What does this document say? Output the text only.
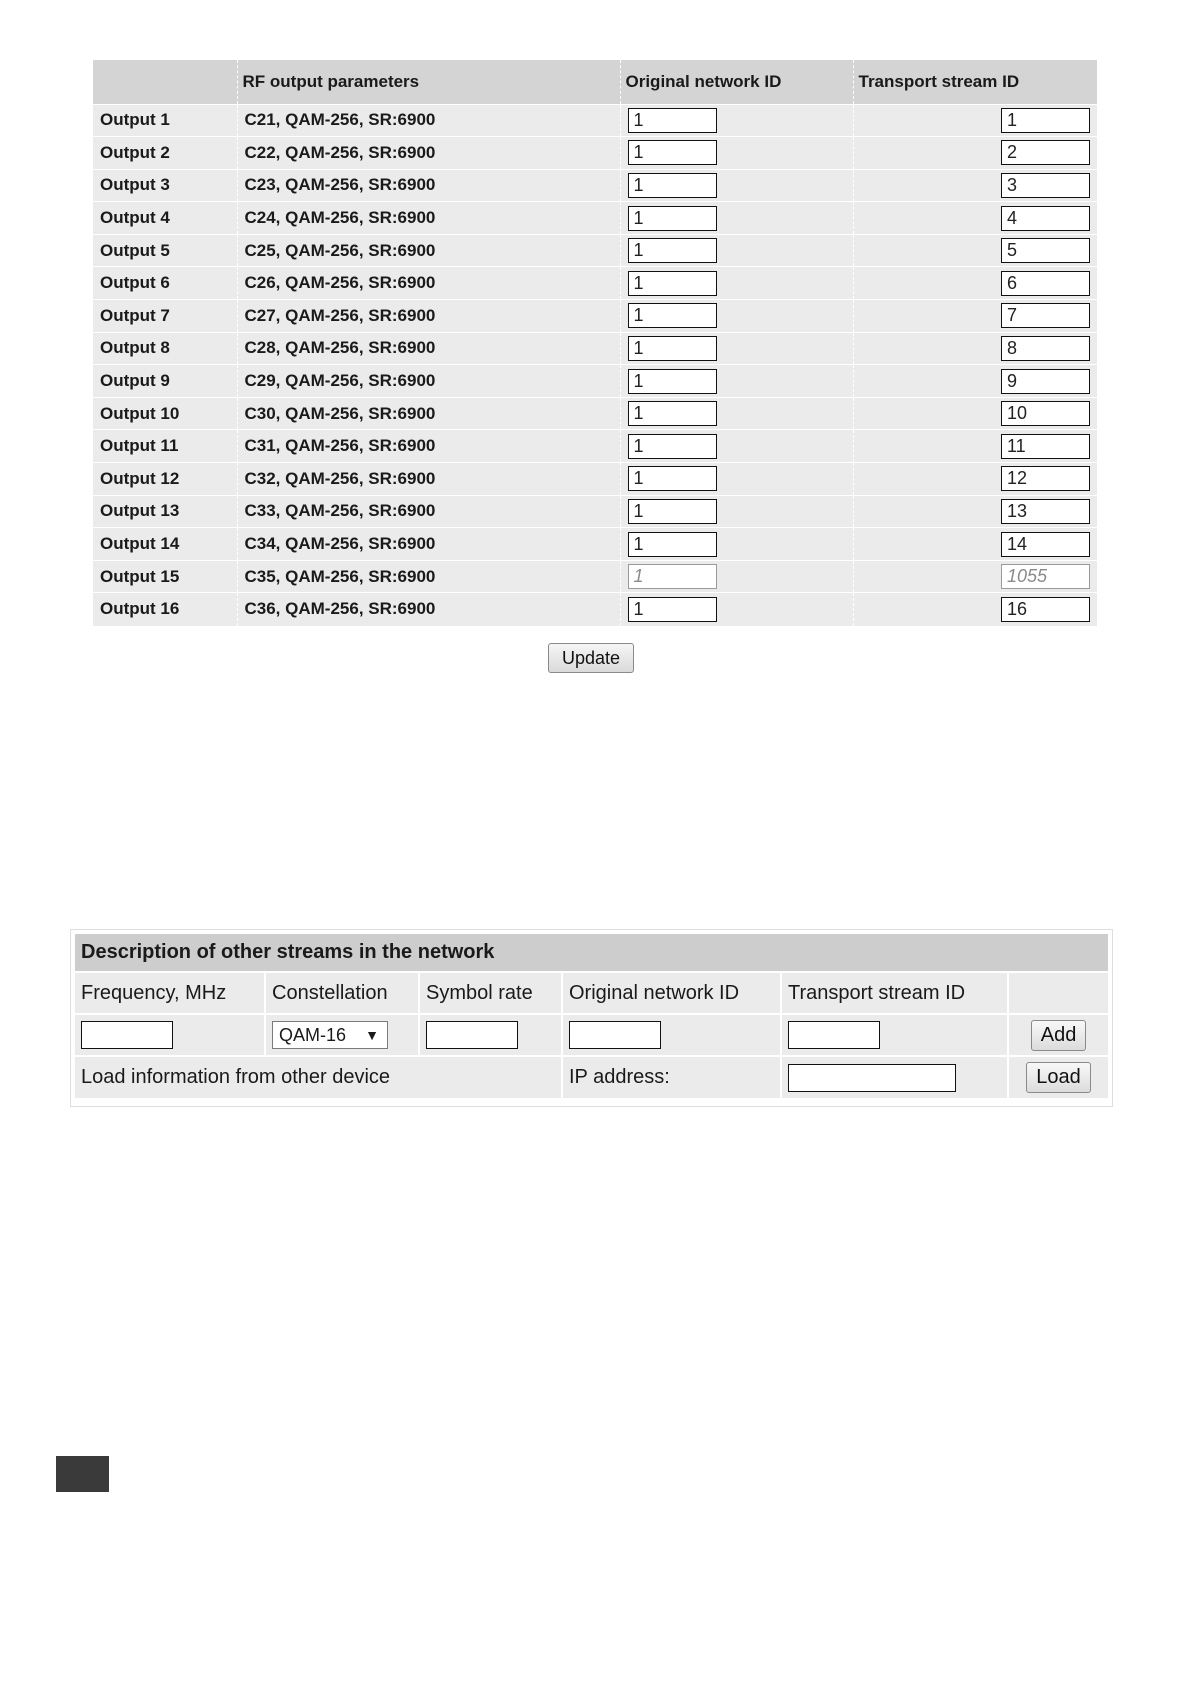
	RF output parameters	Original network ID	Transport stream ID
Output 1	C21, QAM-256, SR:6900	1	1
Output 2	C22, QAM-256, SR:6900	1	2
Output 3	C23, QAM-256, SR:6900	1	3
Output 4	C24, QAM-256, SR:6900	1	4
Output 5	C25, QAM-256, SR:6900	1	5
Output 6	C26, QAM-256, SR:6900	1	6
Output 7	C27, QAM-256, SR:6900	1	7
Output 8	C28, QAM-256, SR:6900	1	8
Output 9	C29, QAM-256, SR:6900	1	9
Output 10	C30, QAM-256, SR:6900	1	10
Output 11	C31, QAM-256, SR:6900	1	11
Output 12	C32, QAM-256, SR:6900	1	12
Output 13	C33, QAM-256, SR:6900	1	13
Output 14	C34, QAM-256, SR:6900	1	14
Output 15	C35, QAM-256, SR:6900	1	1055
Output 16	C36, QAM-256, SR:6900	1	16
Update
Description of other streams in the network					
Frequency, MHz	Constellation	Symbol rate	Original network ID	Transport stream ID	
	QAM-16 ▼				Add
Load information from other device			IP address:		Load
